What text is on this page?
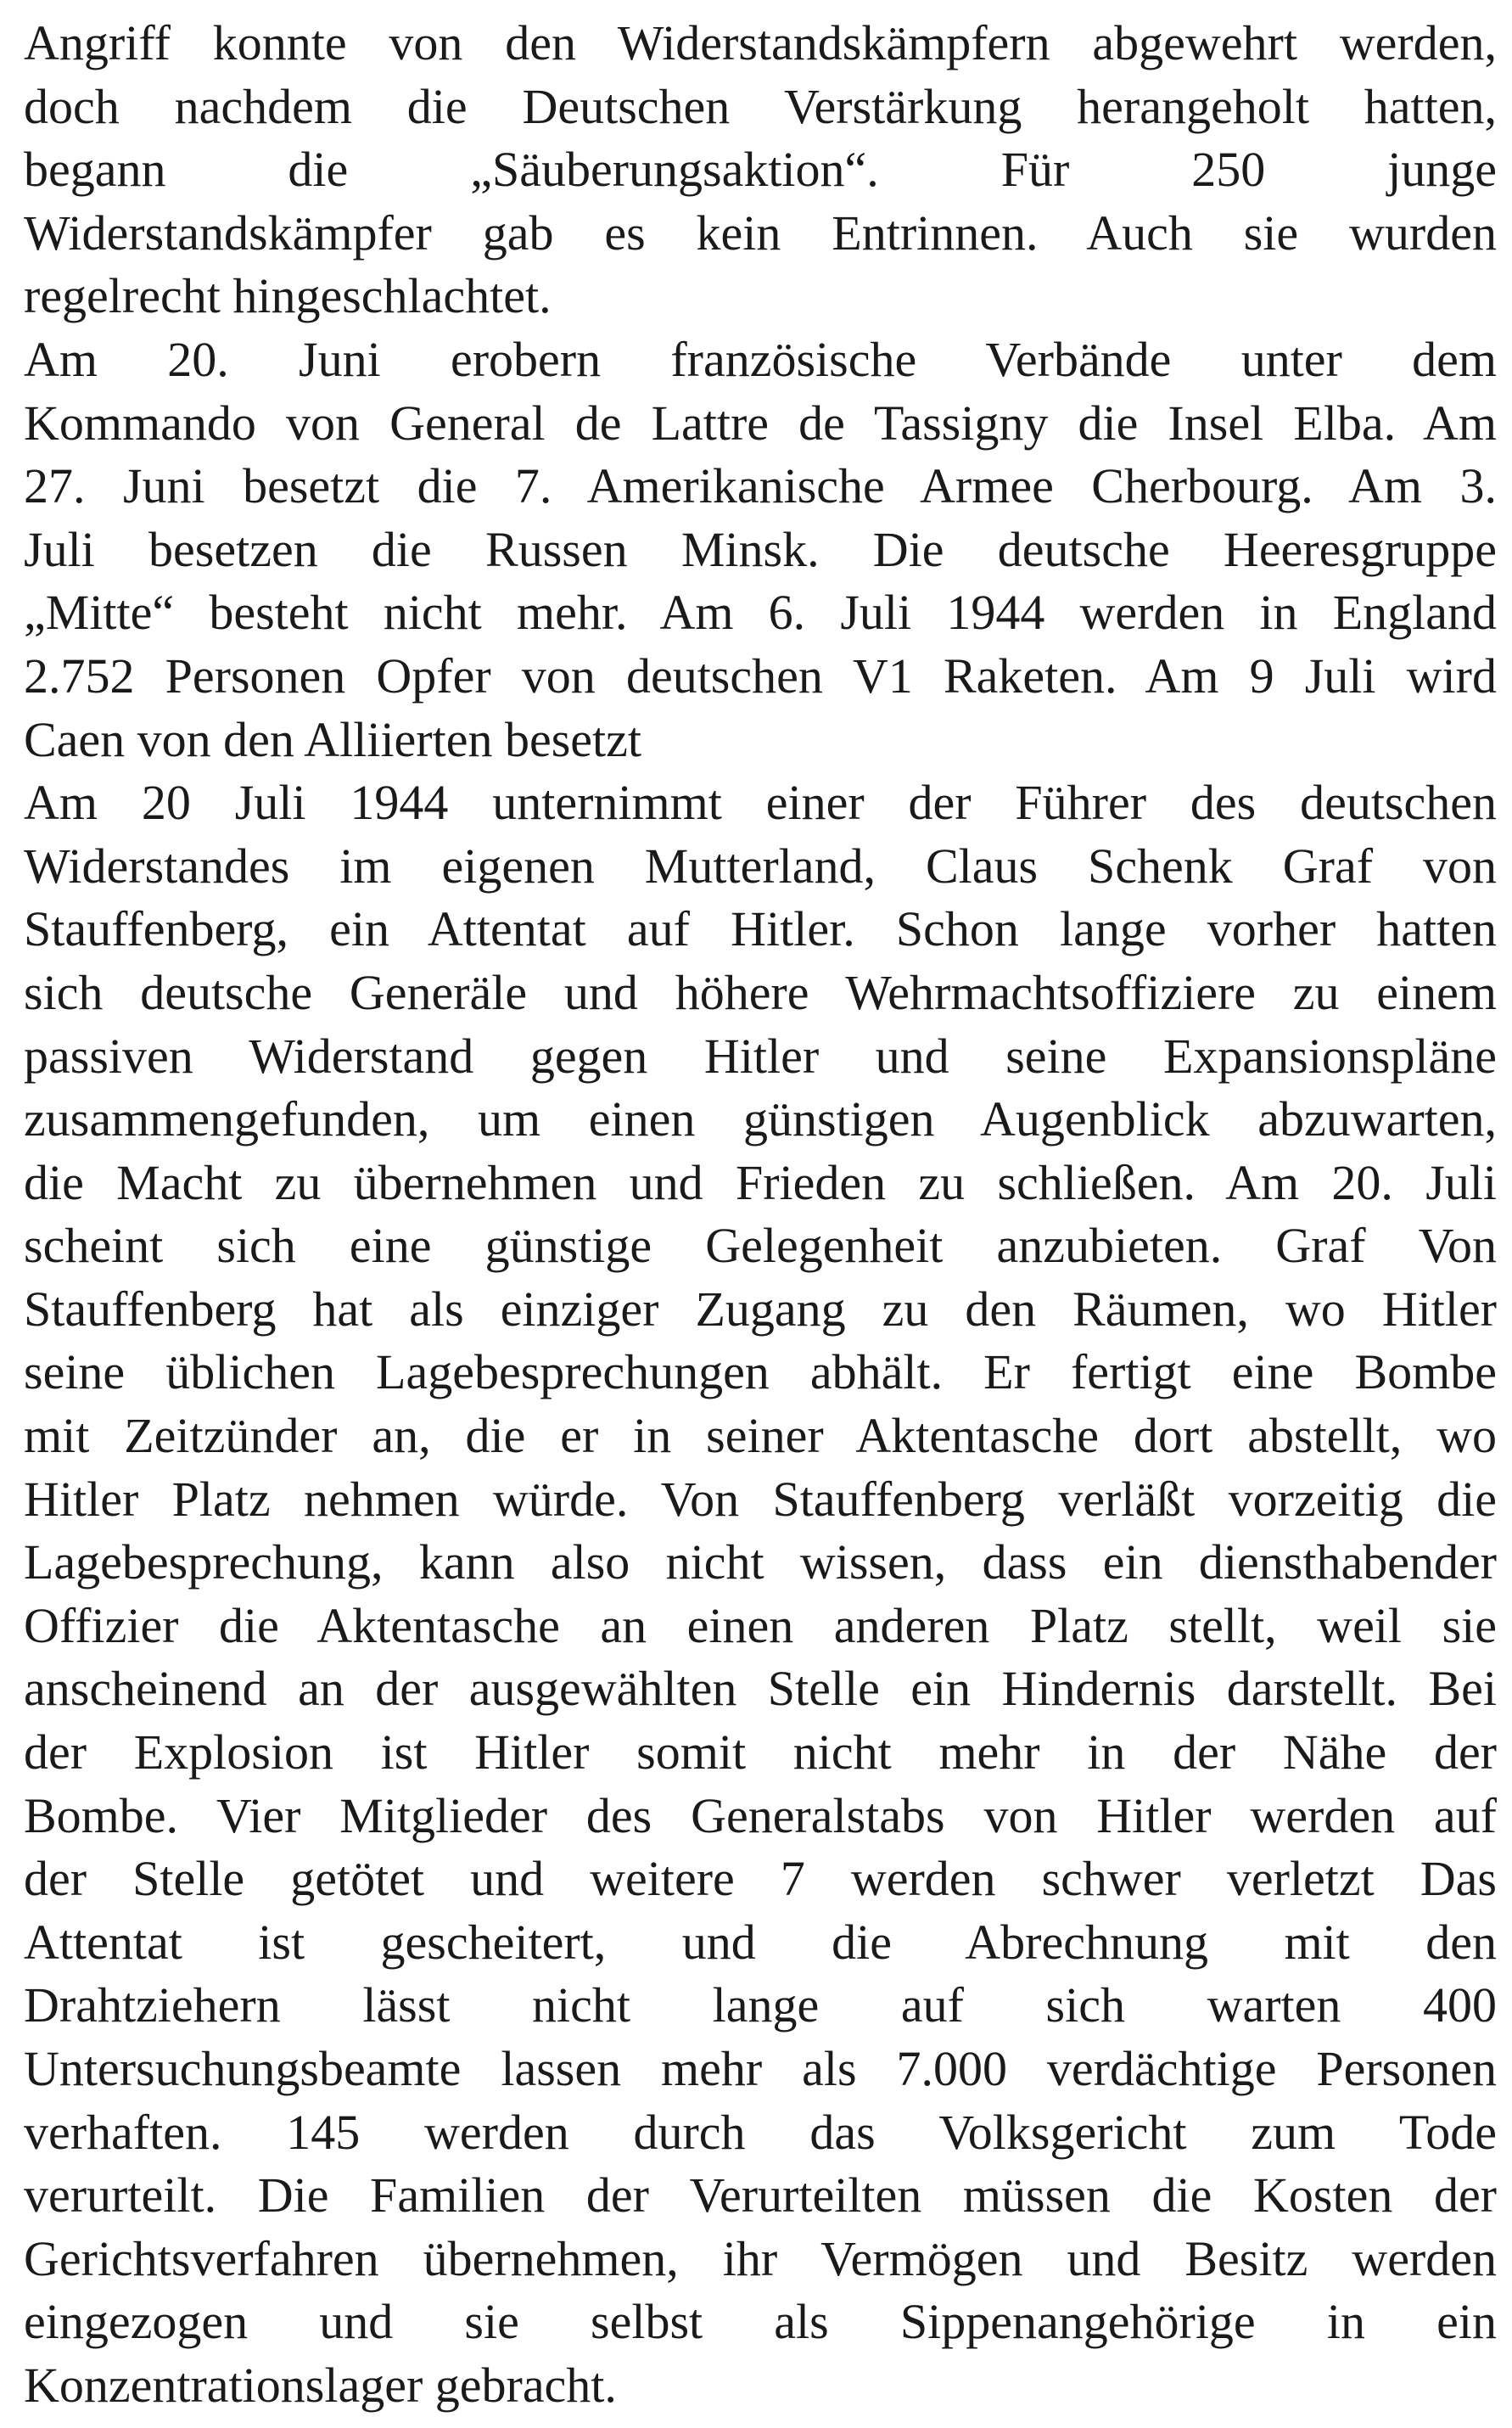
Angriff konnte von den Widerstandskämpfern abgewehrt werden,
doch nachdem die Deutschen Verstärkung herangeholt hatten,
begann die „Säuberungsaktion“. Für 250 junge
Widerstandskämpfer gab es kein Entrinnen. Auch sie wurden
regelrecht hingeschlachtet.
Am 20. Juni erobern französische Verbände unter dem
Kommando von General de Lattre de Tassigny die Insel Elba. Am
27. Juni besetzt die 7. Amerikanische Armee Cherbourg. Am 3.
Juli besetzen die Russen Minsk. Die deutsche Heeresgruppe
„Mitte“ besteht nicht mehr. Am 6. Juli 1944 werden in England
2.752 Personen Opfer von deutschen V1 Raketen. Am 9 Juli wird
Caen von den Alliierten besetzt
Am 20 Juli 1944 unternimmt einer der Führer des deutschen
Widerstandes im eigenen Mutterland, Claus Schenk Graf von
Stauffenberg, ein Attentat auf Hitler. Schon lange vorher hatten
sich deutsche Generäle und höhere Wehrmachtsoffiziere zu einem
passiven Widerstand gegen Hitler und seine Expansionspläne
zusammengefunden, um einen günstigen Augenblick abzuwarten,
die Macht zu übernehmen und Frieden zu schließen. Am 20. Juli
scheint sich eine günstige Gelegenheit anzubieten. Graf Von
Stauffenberg hat als einziger Zugang zu den Räumen, wo Hitler
seine üblichen Lagebesprechungen abhält. Er fertigt eine Bombe
mit Zeitzünder an, die er in seiner Aktentasche dort abstellt, wo
Hitler Platz nehmen würde. Von Stauffenberg verläßt vorzeitig die
Lagebesprechung, kann also nicht wissen, dass ein diensthabender
Offizier die Aktentasche an einen anderen Platz stellt, weil sie
anscheinend an der ausgewählten Stelle ein Hindernis darstellt. Bei
der Explosion ist Hitler somit nicht mehr in der Nähe der
Bombe. Vier Mitglieder des Generalstabs von Hitler werden auf
der Stelle getötet und weitere 7 werden schwer verletzt Das
Attentat ist gescheitert, und die Abrechnung mit den
Drahtziehern lässt nicht lange auf sich warten 400
Untersuchungsbeamte lassen mehr als 7.000 verdächtige Personen
verhaften. 145 werden durch das Volksgericht zum Tode
verurteilt. Die Familien der Verurteilten müssen die Kosten der
Gerichtsverfahren übernehmen, ihr Vermögen und Besitz werden
eingezogen und sie selbst als Sippenangehörige in ein
Konzentrationslager gebracht.
